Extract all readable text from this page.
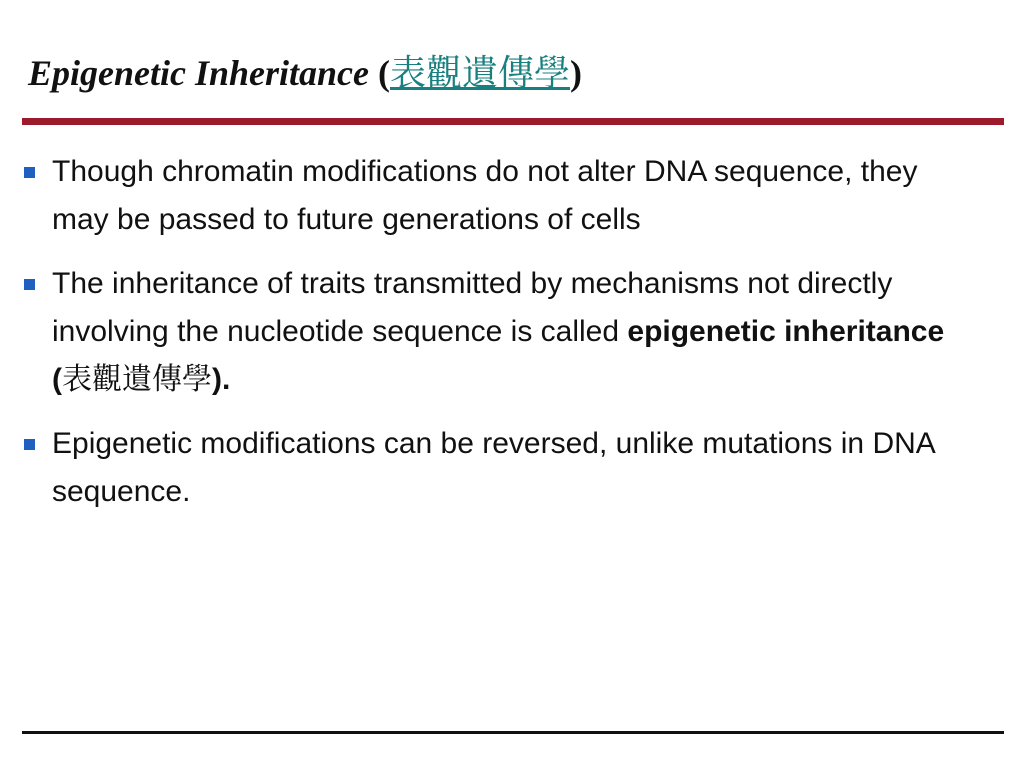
Epigenetic Inheritance (表觀遺傳學)
Though chromatin modifications do not alter DNA sequence, they may be passed to future generations of cells
The inheritance of traits transmitted by mechanisms not directly involving the nucleotide sequence is called epigenetic inheritance (表觀遺傳學).
Epigenetic modifications can be reversed, unlike mutations in DNA sequence.
